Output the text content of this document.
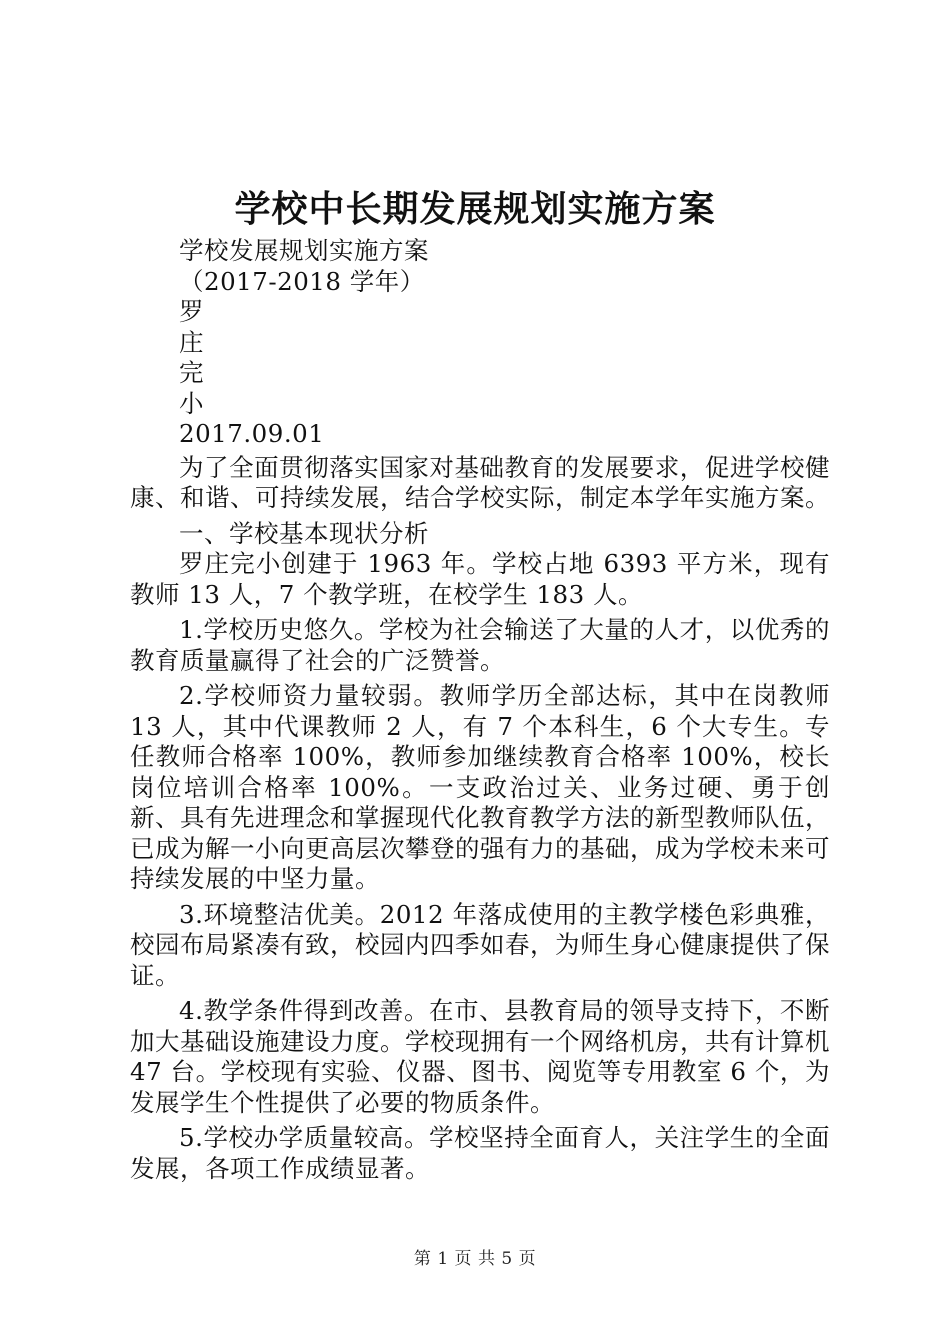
学校中长期发展规划实施方案
学校发展规划实施方案
（2017-2018 学年）
罗
庄
完
小
2017.09.01

为了全面贯彻落实国家对基础教育的发展要求，促进学校健康、和谐、可持续发展，结合学校实际，制定本学年实施方案。

一、学校基本现状分析

罗庄完小创建于 1963 年。学校占地 6393 平方米，现有教师 13 人，7 个教学班，在校学生 183 人。

1.学校历史悠久。学校为社会输送了大量的人才，以优秀的教育质量赢得了社会的广泛赞誉。

2.学校师资力量较弱。教师学历全部达标，其中在岗教师 13 人，其中代课教师 2 人，有 7 个本科生，6 个大专生。专任教师合格率 100%，教师参加继续教育合格率 100%，校长岗位培训合格率 100%。一支政治过关、业务过硬、勇于创新、具有先进理念和掌握现代化教育教学方法的新型教师队伍，已成为解一小向更高层次攀登的强有力的基础，成为学校未来可持续发展的中坚力量。

3.环境整洁优美。2012 年落成使用的主教学楼色彩典雅，校园布局紧凑有致，校园内四季如春，为师生身心健康提供了保证。

4.教学条件得到改善。在市、县教育局的领导支持下，不断加大基础设施建设力度。学校现拥有一个网络机房，共有计算机 47 台。学校现有实验、仪器、图书、阅览等专用教室 6 个，为发展学生个性提供了必要的物质条件。

5.学校办学质量较高。学校坚持全面育人，关注学生的全面发展，各项工作成绩显著。

第 1 页 共 5 页
